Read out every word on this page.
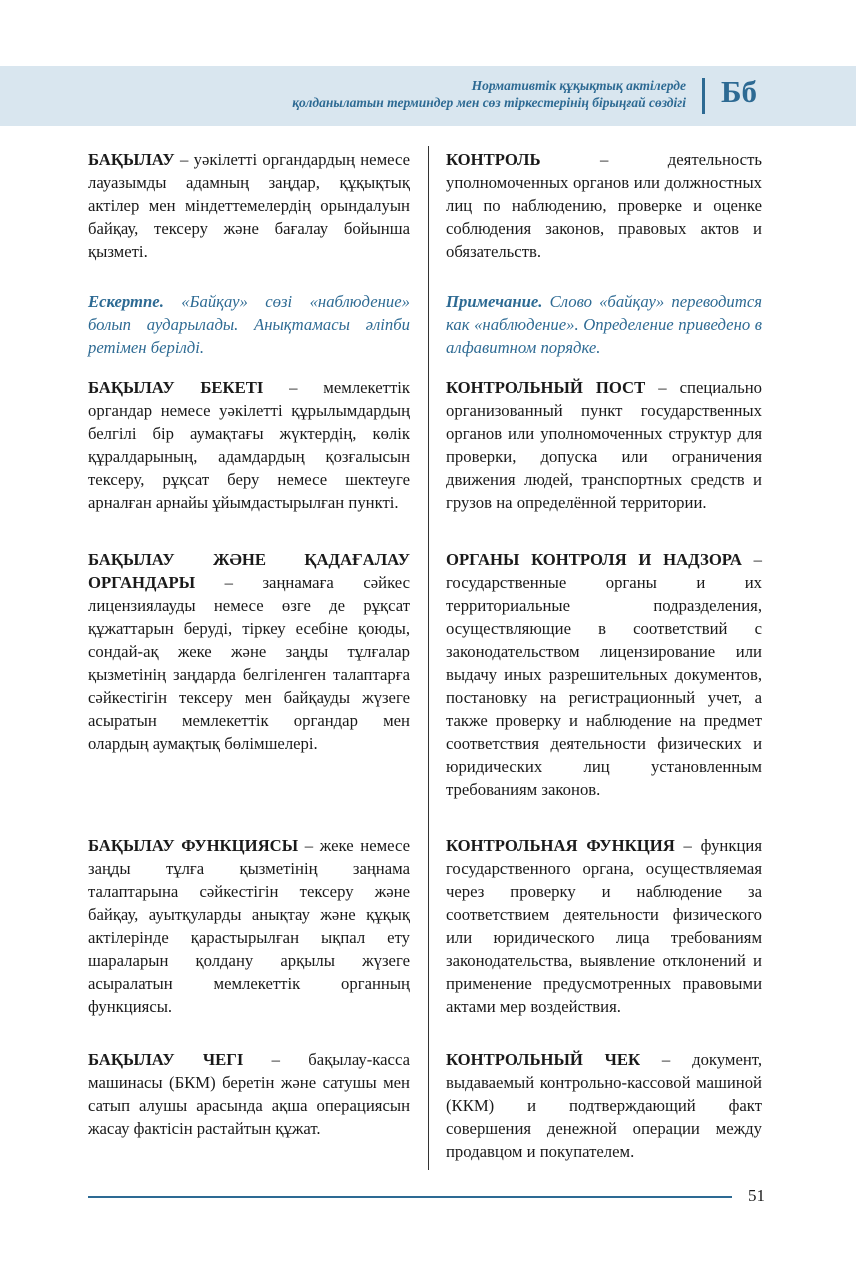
Нормативтік құқықтық актілерде
қолданылатын терминдер мен сөз тіркестерінің бірыңғай сөздігі Бб

БАҚЫЛАУ – уәкілетті органдардың немесе лауазымды адамның заңдар, құқықтық актілер мен міндеттемелердің орындалуын байқау, тексеру және бағалау бойынша қызметі.

Ескертпе. «Байқау» сөзі «наблюдение» болып аударылады. Анықтамасы әліпби ретімен берілді.

БАҚЫЛАУ БЕКЕТІ – мемлекеттік органдар немесе уәкілетті құрылымдардың белгілі бір аумақтағы жүктердің, көлік құралдарының, адамдардың қозғалысын тексеру, рұқсат беру немесе шектеуге арналған арнайы ұйымдастырылған пункті.

БАҚЫЛАУ ЖӘНЕ ҚАДАҒАЛАУ ОРГАНДАРЫ – заңнамаға сәйкес лицензиялауды немесе өзге де рұқсат құжаттарын беруді, тіркеу есебіне қоюды, сондай-ақ жеке және заңды тұлғалар қызметінің заңдарда белгіленген талаптарға сәйкестігін тексеру мен байқауды жүзеге асыратын мемлекеттік органдар мен олардың аумақтық бөлімшелері.

БАҚЫЛАУ ФУНКЦИЯСЫ – жеке немесе заңды тұлға қызметінің заңнама талаптарына сәйкестігін тексеру және байқау, ауытқуларды анықтау және құқық актілерінде қарастырылған ықпал ету шараларын қолдану арқылы жүзеге асыралатын мемлекеттік органның функциясы.

БАҚЫЛАУ ЧЕГІ – бақылау-касса машинасы (БКМ) беретін және сатушы мен сатып алушы арасында ақша операциясын жасау фактісін растайтын құжат.

КОНТРОЛЬ – деятельность уполномоченных органов или должностных лиц по наблюдению, проверке и оценке соблюдения законов, правовых актов и обязательств.

Примечание. Слово «байқау» переводится как «наблюдение». Определение приведено в алфавитном порядке.

КОНТРОЛЬНЫЙ ПОСТ – специально организованный пункт государственных органов или уполномоченных структур для проверки, допуска или ограничения движения людей, транспортных средств и грузов на определённой территории.

ОРГАНЫ КОНТРОЛЯ И НАДЗОРА – государственные органы и их территориальные подразделения, осуществляющие в соответствий с законодательством лицензирование или выдачу иных разрешительных документов, постановку на регистрационный учет, а также проверку и наблюдение на предмет соответствия деятельности физических и юридических лиц установленным требованиям законов.

КОНТРОЛЬНАЯ ФУНКЦИЯ – функция государственного органа, осуществляемая через проверку и наблюдение за соответствием деятельности физического или юридического лица требованиям законодательства, выявление отклонений и применение предусмотренных правовыми актами мер воздействия.

КОНТРОЛЬНЫЙ ЧЕК – документ, выдаваемый контрольно-кассовой машиной (ККМ) и подтверждающий факт совершения денежной операции между продавцом и покупателем.

51
